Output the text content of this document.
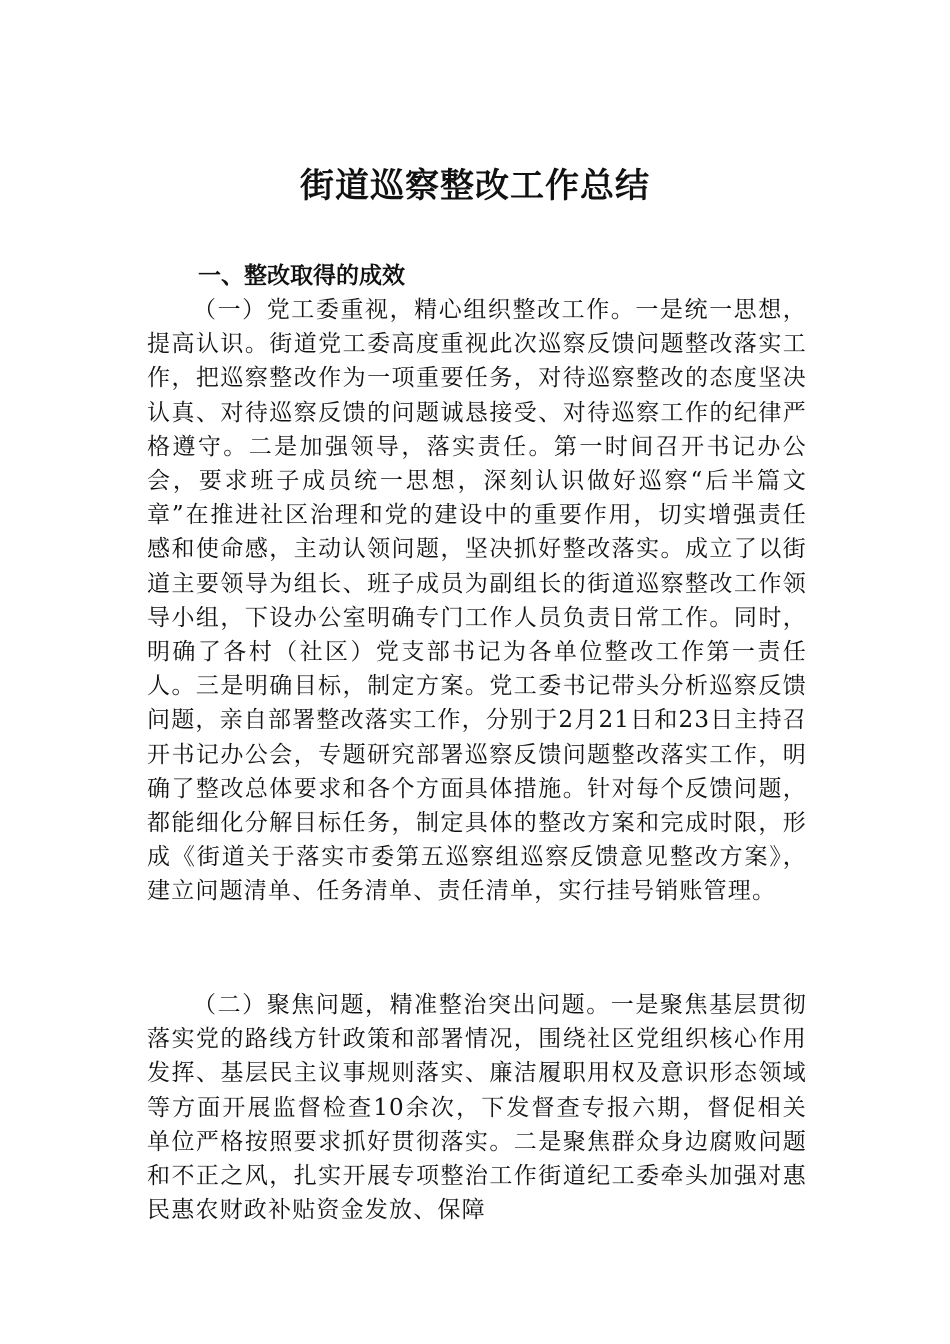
街道巡察整改工作总结
一、整改取得的成效

（一）党工委重视，精心组织整改工作。一是统一思想，提高认识。街道党工委高度重视此次巡察反馈问题整改落实工作，把巡察整改作为一项重要任务，对待巡察整改的态度坚决认真、对待巡察反馈的问题诚恳接受、对待巡察工作的纪律严格遵守。二是加强领导，落实责任。第一时间召开书记办公会，要求班子成员统一思想，深刻认识做好巡察“后半篇文章”在推进社区治理和党的建设中的重要作用，切实增强责任感和使命感，主动认领问题，坚决抓好整改落实。成立了以街道主要领导为组长、班子成员为副组长的街道巡察整改工作领导小组，下设办公室明确专门工作人员负责日常工作。同时，明确了各村（社区）党支部书记为各单位整改工作第一责任人。三是明确目标，制定方案。党工委书记带头分析巡察反馈问题，亲自部署整改落实工作，分别于2月21日和23日主持召开书记办公会，专题研究部署巡察反馈问题整改落实工作，明确了整改总体要求和各个方面具体措施。针对每个反馈问题，都能细化分解目标任务，制定具体的整改方案和完成时限，形成《街道关于落实市委第五巡察组巡察反馈意见整改方案》，建立问题清单、任务清单、责任清单，实行挂号销账管理。

（二）聚焦问题，精准整治突出问题。一是聚焦基层贯彻落实党的路线方针政策和部署情况，围绕社区党组织核心作用发挥、基层民主议事规则落实、廉洁履职用权及意识形态领域等方面开展监督检查10余次，下发督查专报六期，督促相关单位严格按照要求抓好贯彻落实。二是聚焦群众身边腐败问题和不正之风，扎实开展专项整治工作街道纪工委牵头加强对惠民惠农财政补贴资金发放、保障
